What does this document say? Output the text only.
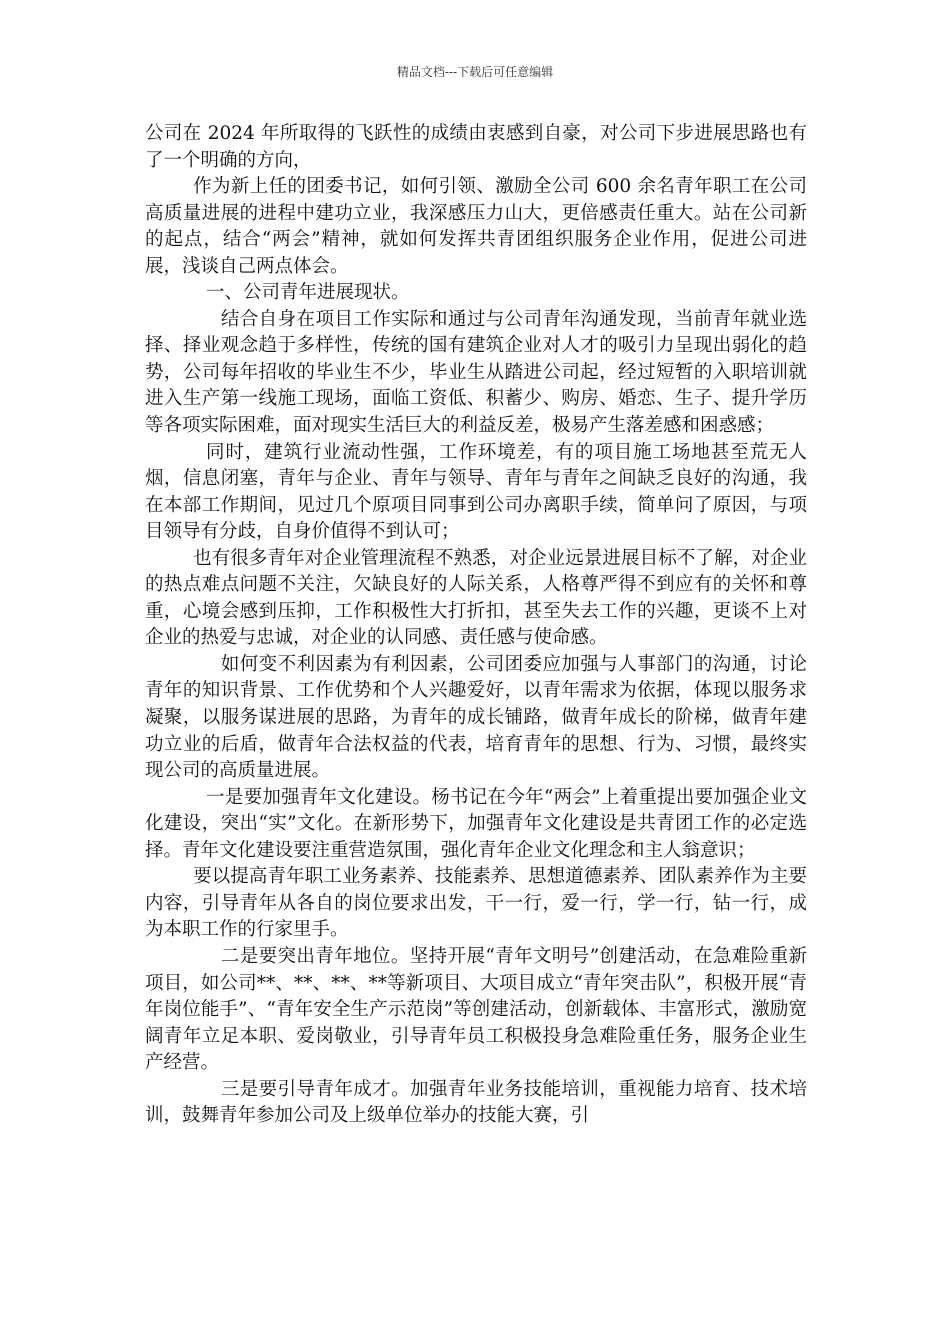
精品文档---下载后可任意编辑

公司在 2024 年所取得的飞跃性的成绩由衷感到自豪，对公司下步进展思路也有了一个明确的方向，

作为新上任的团委书记，如何引领、激励全公司 600 余名青年职工在公司高质量进展的进程中建功立业，我深感压力山大，更倍感责任重大。站在公司新的起点，结合“两会”精神，就如何发挥共青团组织服务企业作用，促进公司进展，浅谈自己两点体会。

一、公司青年进展现状。

结合自身在项目工作实际和通过与公司青年沟通发现，当前青年就业选择、择业观念趋于多样性，传统的国有建筑企业对人才的吸引力呈现出弱化的趋势，公司每年招收的毕业生不少，毕业生从踏进公司起，经过短暂的入职培训就进入生产第一线施工现场，面临工资低、积蓄少、购房、婚恋、生子、提升学历等各项实际困难，面对现实生活巨大的利益反差，极易产生落差感和困惑感；

同时，建筑行业流动性强，工作环境差，有的项目施工场地甚至荒无人烟，信息闭塞，青年与企业、青年与领导、青年与青年之间缺乏良好的沟通，我在本部工作期间，见过几个原项目同事到公司办离职手续，简单问了原因，与项目领导有分歧，自身价值得不到认可；

也有很多青年对企业管理流程不熟悉，对企业远景进展目标不了解，对企业的热点难点问题不关注，欠缺良好的人际关系，人格尊严得不到应有的关怀和尊重，心境会感到压抑，工作积极性大打折扣，甚至失去工作的兴趣，更谈不上对企业的热爱与忠诚，对企业的认同感、责任感与使命感。

如何变不利因素为有利因素，公司团委应加强与人事部门的沟通，讨论青年的知识背景、工作优势和个人兴趣爱好，以青年需求为依据，体现以服务求凝聚，以服务谋进展的思路，为青年的成长铺路，做青年成长的阶梯，做青年建功立业的后盾，做青年合法权益的代表，培育青年的思想、行为、习惯，最终实现公司的高质量进展。

一是要加强青年文化建设。杨书记在今年“两会”上着重提出要加强企业文化建设，突出“实”文化。在新形势下，加强青年文化建设是共青团工作的必定选择。青年文化建设要注重营造氛围，强化青年企业文化理念和主人翁意识；

要以提高青年职工业务素养、技能素养、思想道德素养、团队素养作为主要内容，引导青年从各自的岗位要求出发，干一行，爱一行，学一行，钻一行，成为本职工作的行家里手。

二是要突出青年地位。坚持开展“青年文明号”创建活动，在急难险重新项目，如公司**、**、**、**等新项目、大项目成立“青年突击队”，积极开展“青年岗位能手”、“青年安全生产示范岗”等创建活动，创新载体、丰富形式，激励宽阔青年立足本职、爱岗敬业，引导青年员工积极投身急难险重任务，服务企业生产经营。

三是要引导青年成才。加强青年业务技能培训，重视能力培育、技术培训，鼓舞青年参加公司及上级单位举办的技能大赛，引
